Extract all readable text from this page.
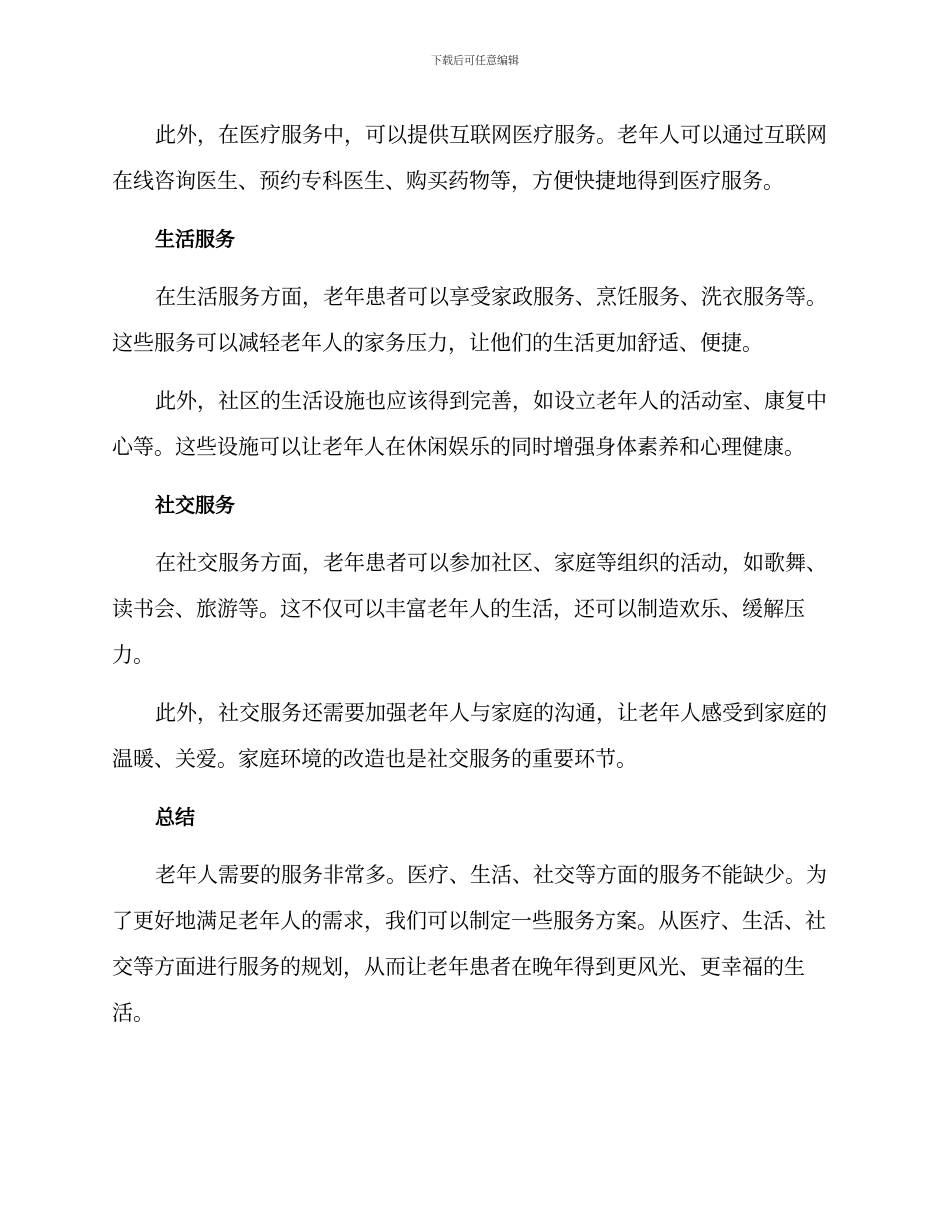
下载后可任意编辑

此外，在医疗服务中，可以提供互联网医疗服务。老年人可以通过互联网在线咨询医生、预约专科医生、购买药物等，方便快捷地得到医疗服务。

生活服务

在生活服务方面，老年患者可以享受家政服务、烹饪服务、洗衣服务等。这些服务可以减轻老年人的家务压力，让他们的生活更加舒适、便捷。

此外，社区的生活设施也应该得到完善，如设立老年人的活动室、康复中心等。这些设施可以让老年人在休闲娱乐的同时增强身体素养和心理健康。

社交服务

在社交服务方面，老年患者可以参加社区、家庭等组织的活动，如歌舞、读书会、旅游等。这不仅可以丰富老年人的生活，还可以制造欢乐、缓解压力。

此外，社交服务还需要加强老年人与家庭的沟通，让老年人感受到家庭的温暖、关爱。家庭环境的改造也是社交服务的重要环节。

总结

老年人需要的服务非常多。医疗、生活、社交等方面的服务不能缺少。为了更好地满足老年人的需求，我们可以制定一些服务方案。从医疗、生活、社交等方面进行服务的规划，从而让老年患者在晚年得到更风光、更幸福的生活。
